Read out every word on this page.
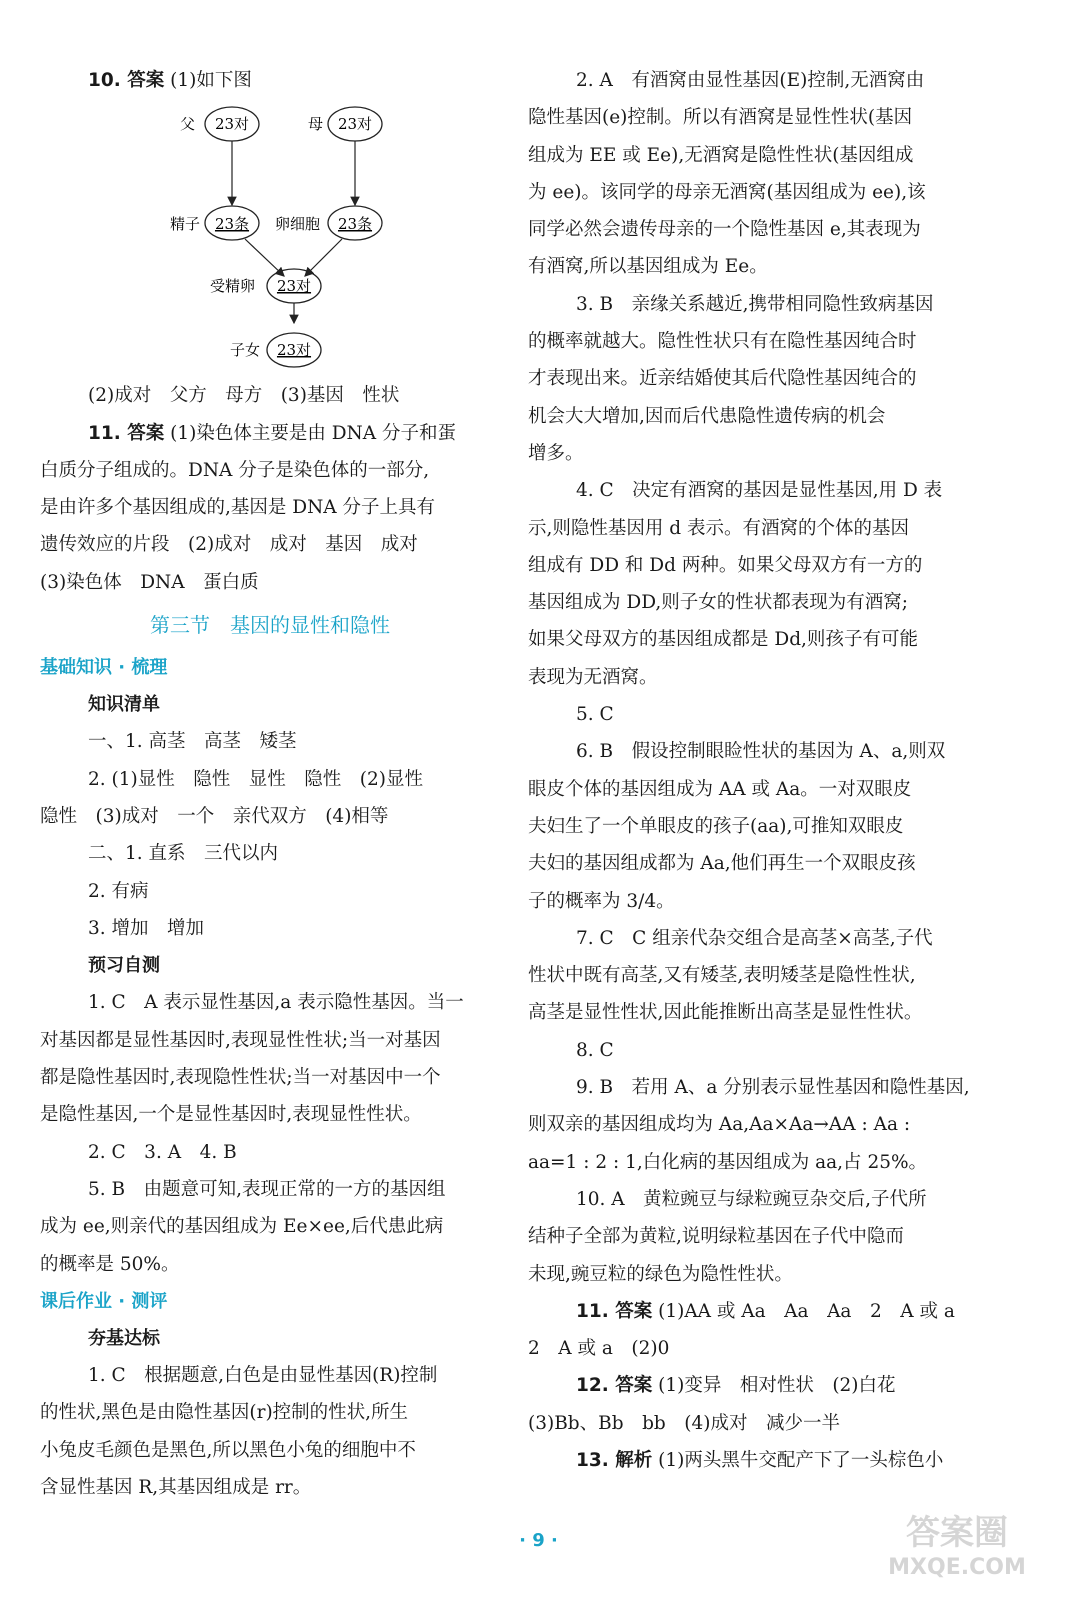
10. 答案 (1)如下图
父 23对	母 23对
精子 23条 卵细胞 23条
受精卵 23对
子女 23对
(2)成对　父方　母方　(3)基因　性状
11. 答案 (1)染色体主要是由 DNA 分子和蛋
白质分子组成的。DNA 分子是染色体的一部分,
是由许多个基因组成的,基因是 DNA 分子上具有
遗传效应的片段　(2)成对　成对　基因　成对
(3)染色体　DNA　蛋白质
第三节　基因的显性和隐性
基础知识 · 梳理
知识清单
一、1. 高茎　高茎　矮茎
2. (1)显性　隐性　显性　隐性　(2)显性
隐性　(3)成对　一个　亲代双方　(4)相等
二、1. 直系　三代以内
2. 有病
3. 增加　增加
预习自测
1. C　A 表示显性基因,a 表示隐性基因。当一
对基因都是显性基因时,表现显性性状;当一对基因
都是隐性基因时,表现隐性性状;当一对基因中一个
是隐性基因,一个是显性基因时,表现显性性状。
2. C　3. A　4. B
5. B　由题意可知,表现正常的一方的基因组
成为 ee,则亲代的基因组成为 Ee×ee,后代患此病
的概率是 50%。
课后作业 · 测评
夯基达标
1. C　根据题意,白色是由显性基因(R)控制
的性状,黑色是由隐性基因(r)控制的性状,所生
小兔皮毛颜色是黑色,所以黑色小兔的细胞中不
含显性基因 R,其基因组成是 rr。
2. A　有酒窝由显性基因(E)控制,无酒窝由
隐性基因(e)控制。所以有酒窝是显性性状(基因
组成为 EE 或 Ee),无酒窝是隐性性状(基因组成
为 ee)。该同学的母亲无酒窝(基因组成为 ee),该
同学必然会遗传母亲的一个隐性基因 e,其表现为
有酒窝,所以基因组成为 Ee。
3. B　亲缘关系越近,携带相同隐性致病基因
的概率就越大。隐性性状只有在隐性基因纯合时
才表现出来。近亲结婚使其后代隐性基因纯合的
机会大大增加,因而后代患隐性遗传病的机会
增多。
4. C　决定有酒窝的基因是显性基因,用 D 表
示,则隐性基因用 d 表示。有酒窝的个体的基因
组成有 DD 和 Dd 两种。如果父母双方有一方的
基因组成为 DD,则子女的性状都表现为有酒窝;
如果父母双方的基因组成都是 Dd,则孩子有可能
表现为无酒窝。
5. C
6. B　假设控制眼睑性状的基因为 A、a,则双
眼皮个体的基因组成为 AA 或 Aa。一对双眼皮
夫妇生了一个单眼皮的孩子(aa),可推知双眼皮
夫妇的基因组成都为 Aa,他们再生一个双眼皮孩
子的概率为 3/4。
7. C　C 组亲代杂交组合是高茎×高茎,子代
性状中既有高茎,又有矮茎,表明矮茎是隐性性状,
高茎是显性性状,因此能推断出高茎是显性性状。
8. C
9. B　若用 A、a 分别表示显性基因和隐性基因,
则双亲的基因组成均为 Aa,Aa×Aa→AA : Aa :
aa=1 : 2 : 1,白化病的基因组成为 aa,占 25%。
10. A　黄粒豌豆与绿粒豌豆杂交后,子代所
结种子全部为黄粒,说明绿粒基因在子代中隐而
未现,豌豆粒的绿色为隐性性状。
11. 答案 (1)AA 或 Aa　Aa　Aa　2　A 或 a
2　A 或 a　(2)0
12. 答案 (1)变异　相对性状　(2)白花
(3)Bb、Bb　bb　(4)成对　减少一半
13. 解析 (1)两头黑牛交配产下了一头棕色小
· 9 ·	答案圈
MXQE.COM
